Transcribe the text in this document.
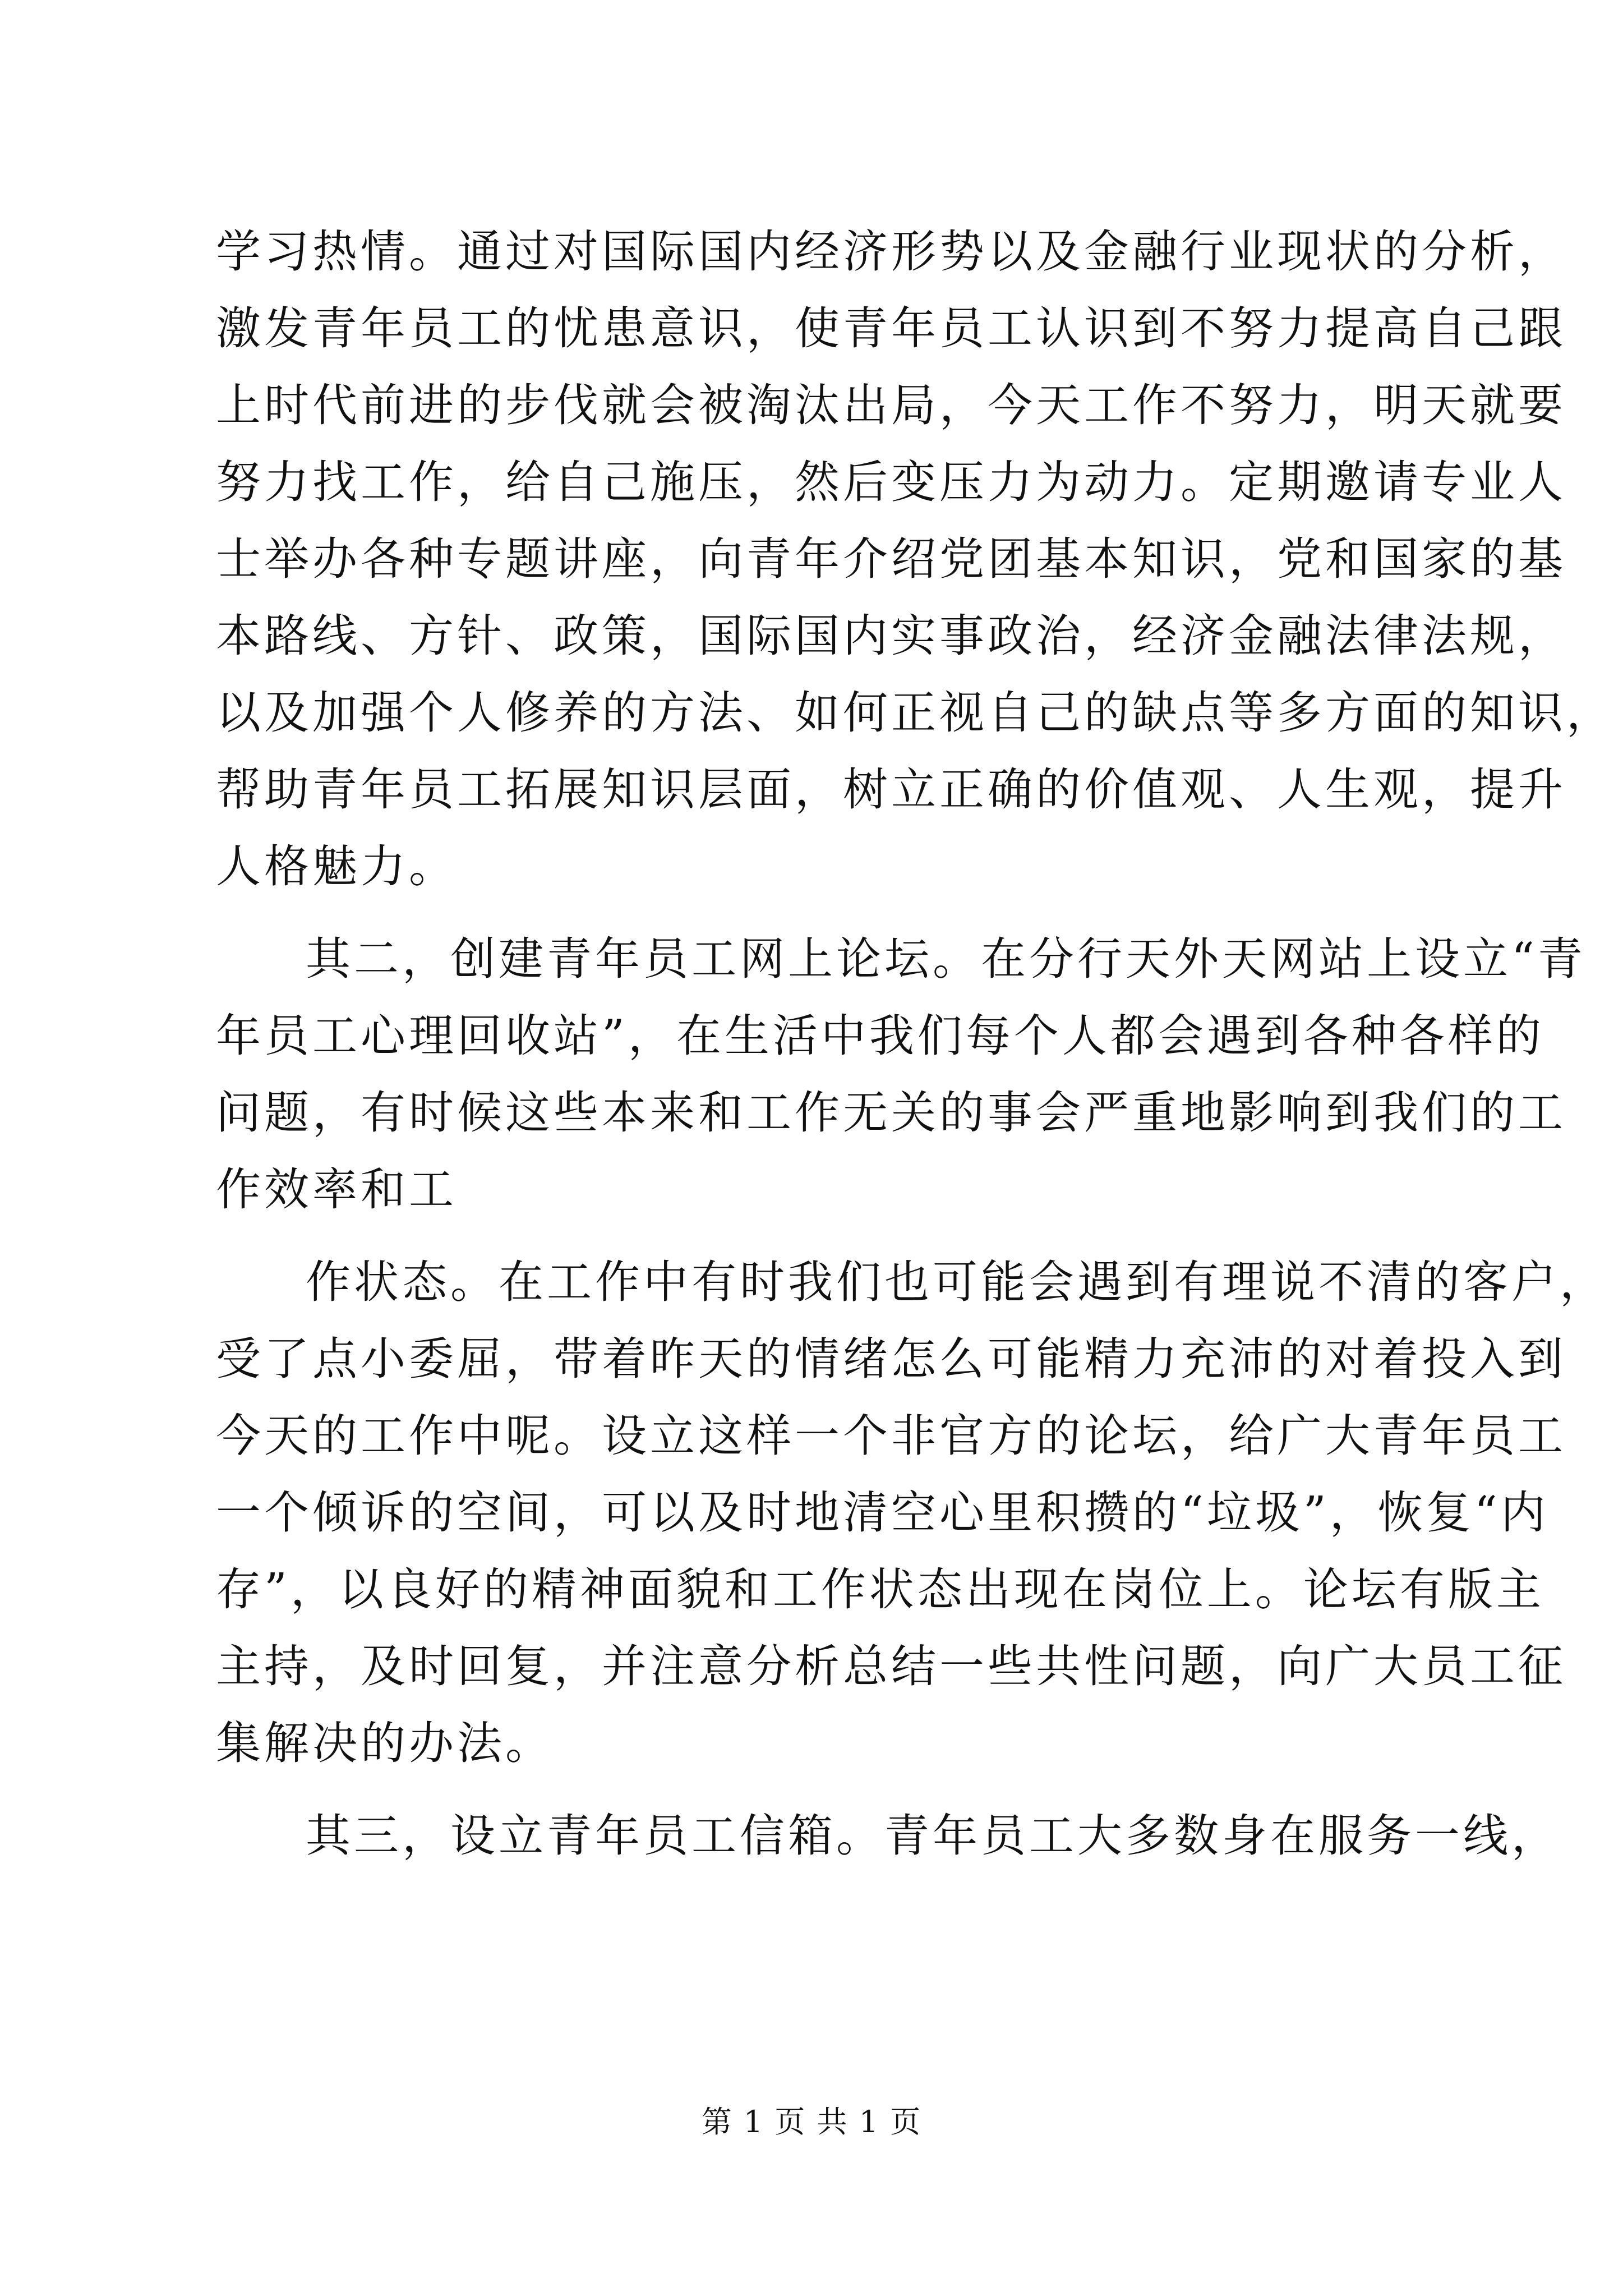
学习热情。通过对国际国内经济形势以及金融行业现状的分析，
激发青年员工的忧患意识，使青年员工认识到不努力提高自己跟
上时代前进的步伐就会被淘汰出局，今天工作不努力，明天就要
努力找工作，给自己施压，然后变压力为动力。定期邀请专业人
士举办各种专题讲座，向青年介绍党团基本知识，党和国家的基
本路线、方针、政策，国际国内实事政治，经济金融法律法规，
以及加强个人修养的方法、如何正视自己的缺点等多方面的知识，
帮助青年员工拓展知识层面，树立正确的价值观、人生观，提升
人格魅力。
其二，创建青年员工网上论坛。在分行天外天网站上设立“青
年员工心理回收站”，在生活中我们每个人都会遇到各种各样的
问题，有时候这些本来和工作无关的事会严重地影响到我们的工
作效率和工
作状态。在工作中有时我们也可能会遇到有理说不清的客户，
受了点小委屈，带着昨天的情绪怎么可能精力充沛的对着投入到
今天的工作中呢。设立这样一个非官方的论坛，给广大青年员工
一个倾诉的空间，可以及时地清空心里积攒的“垃圾”，恢复“内
存”，以良好的精神面貌和工作状态出现在岗位上。论坛有版主
主持，及时回复，并注意分析总结一些共性问题，向广大员工征
集解决的办法。
其三，设立青年员工信箱。青年员工大多数身在服务一线，
第 1 页 共 1 页
